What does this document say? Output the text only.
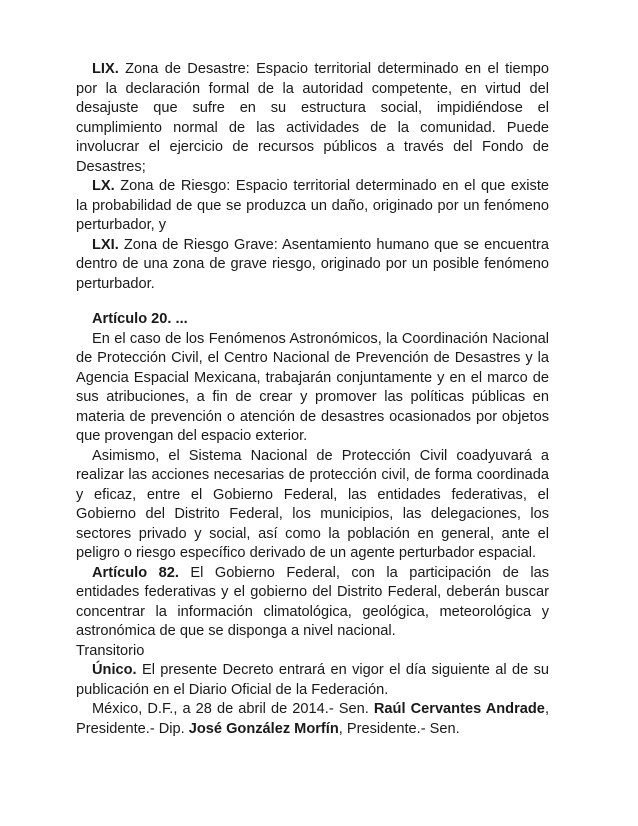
LIX. Zona de Desastre: Espacio territorial determinado en el tiempo por la declaración formal de la autoridad competente, en virtud del desajuste que sufre en su estructura social, impidiéndose el cumplimiento normal de las actividades de la comunidad. Puede involucrar el ejercicio de recursos públicos a través del Fondo de Desastres;

LX. Zona de Riesgo: Espacio territorial determinado en el que existe la probabilidad de que se produzca un daño, originado por un fenómeno perturbador, y

LXI. Zona de Riesgo Grave: Asentamiento humano que se encuentra dentro de una zona de grave riesgo, originado por un posible fenómeno perturbador.

Artículo 20. ...

En el caso de los Fenómenos Astronómicos, la Coordinación Nacional de Protección Civil, el Centro Nacional de Prevención de Desastres y la Agencia Espacial Mexicana, trabajarán conjuntamente y en el marco de sus atribuciones, a fin de crear y promover las políticas públicas en materia de prevención o atención de desastres ocasionados por objetos que provengan del espacio exterior.

Asimismo, el Sistema Nacional de Protección Civil coadyuvará a realizar las acciones necesarias de protección civil, de forma coordinada y eficaz, entre el Gobierno Federal, las entidades federativas, el Gobierno del Distrito Federal, los municipios, las delegaciones, los sectores privado y social, así como la población en general, ante el peligro o riesgo específico derivado de un agente perturbador espacial.

Artículo 82. El Gobierno Federal, con la participación de las entidades federativas y el gobierno del Distrito Federal, deberán buscar concentrar la información climatológica, geológica, meteorológica y astronómica de que se disponga a nivel nacional.

Transitorio

Único. El presente Decreto entrará en vigor el día siguiente al de su publicación en el Diario Oficial de la Federación.

México, D.F., a 28 de abril de 2014.- Sen. Raúl Cervantes Andrade, Presidente.- Dip. José González Morfín, Presidente.- Sen.
